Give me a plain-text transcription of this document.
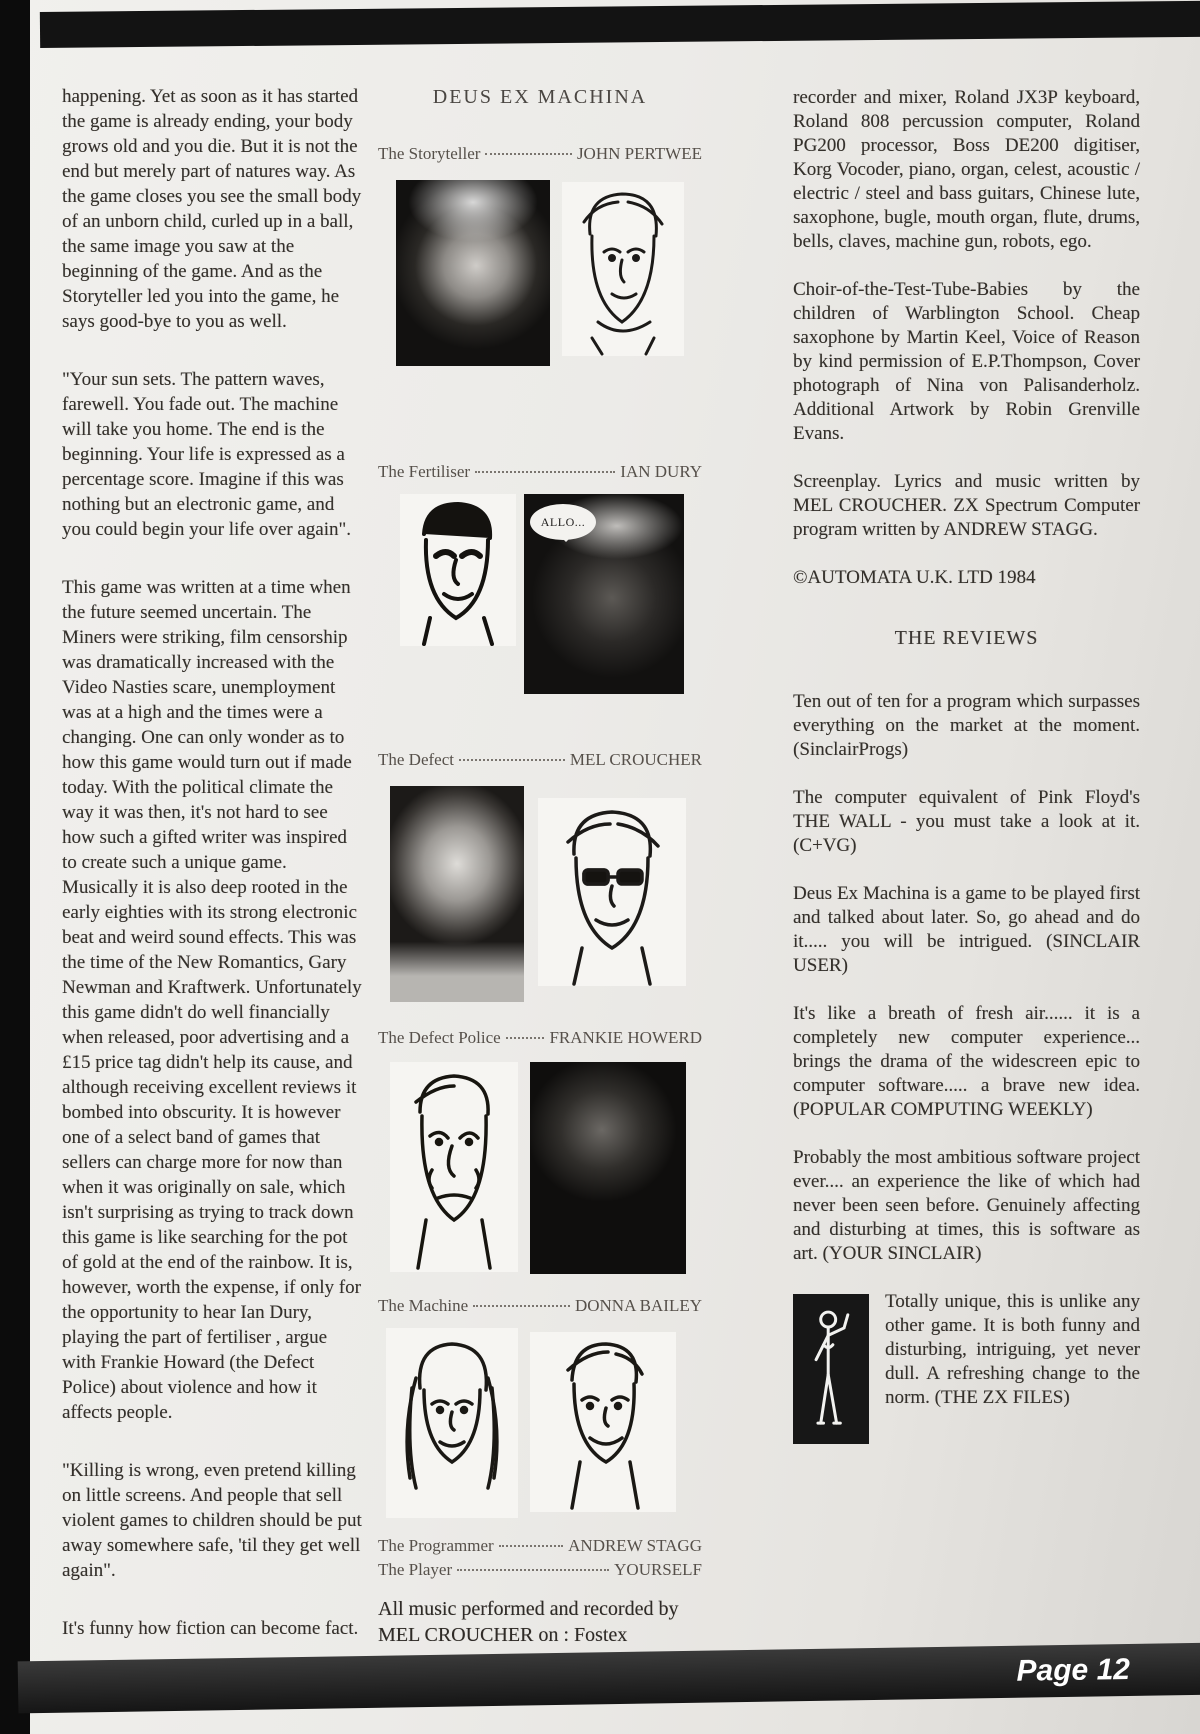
happening. Yet as soon as it has started the game is already ending, your body grows old and you die. But it is not the end but merely part of natures way. As the game closes you see the small body of an unborn child, curled up in a ball, the same image you saw at the beginning of the game. And as the Storyteller led you into the game, he says good-bye to you as well.

"Your sun sets. The pattern waves, farewell. You fade out. The machine will take you home. The end is the beginning. Your life is expressed as a percentage score. Imagine if this was nothing but an electronic game, and you could begin your life over again".

This game was written at a time when the future seemed uncertain. The Miners were striking, film censorship was dramatically increased with the Video Nasties scare, unemployment was at a high and the times were a changing. One can only wonder as to how this game would turn out if made today. With the political climate the way it was then, it's not hard to see how such a gifted writer was inspired to create such a unique game. Musically it is also deep rooted in the early eighties with its strong electronic beat and weird sound effects. This was the time of the New Romantics, Gary Newman and Kraftwerk. Unfortunately this game didn't do well financially when released, poor advertising and a £15 price tag didn't help its cause, and although receiving excellent reviews it bombed into obscurity. It is however one of a select band of games that sellers can charge more for now than when it was originally on sale, which isn't surprising as trying to track down this game is like searching for the pot of gold at the end of the rainbow. It is, however, worth the expense, if only for the opportunity to hear Ian Dury, playing the part of fertiliser , argue with Frankie Howard (the Defect Police) about violence and how it affects people.

"Killing is wrong, even pretend killing on little screens. And people that sell violent games to children should be put away somewhere safe, 'til they get well again".

It's funny how fiction can become fact.

DEUS EX MACHINA
The Storyteller	JOHN PERTWEE
The Fertiliser	IAN DURY
ALLO...
The Defect	MEL CROUCHER
The Defect Police	FRANKIE HOWERD
The Machine	DONNA BAILEY
The Programmer	ANDREW STAGG
The Player	YOURSELF
All music performed and recorded by
MEL CROUCHER on : Fostex

recorder and mixer, Roland JX3P keyboard, Roland 808 percussion computer, Roland PG200 processor, Boss DE200 digitiser, Korg Vocoder, piano, organ, celest, acoustic / electric / steel and bass guitars, Chinese lute, saxophone, bugle, mouth organ, flute, drums, bells, claves, machine gun, robots, ego.

Choir-of-the-Test-Tube-Babies by the children of Warblington School. Cheap saxophone by Martin Keel, Voice of Reason by kind permission of E.P.Thompson, Cover photograph of Nina von Palisanderholz. Additional Artwork by Robin Grenville Evans.

Screenplay. Lyrics and music written by MEL CROUCHER. ZX Spectrum Computer program written by ANDREW STAGG.

©AUTOMATA U.K. LTD 1984

THE REVIEWS

Ten out of ten for a program which surpasses everything on the market at the moment. (SinclairProgs)

The computer equivalent of Pink Floyd's THE WALL - you must take a look at it. (C+VG)

Deus Ex Machina is a game to be played first and talked about later. So, go ahead and do it..... you will be intrigued. (SINCLAIR USER)

It's like a breath of fresh air...... it is a completely new computer experience... brings the drama of the widescreen epic to computer software..... a brave new idea. (POPULAR COMPUTING WEEKLY)

Probably the most ambitious software project ever.... an experience the like of which had never been seen before. Genuinely affecting and disturbing at times, this is software as art. (YOUR SINCLAIR)

Totally unique, this is unlike any other game. It is both funny and disturbing, intriguing, yet never dull. A refreshing change to the norm. (THE ZX FILES)

Page 12
